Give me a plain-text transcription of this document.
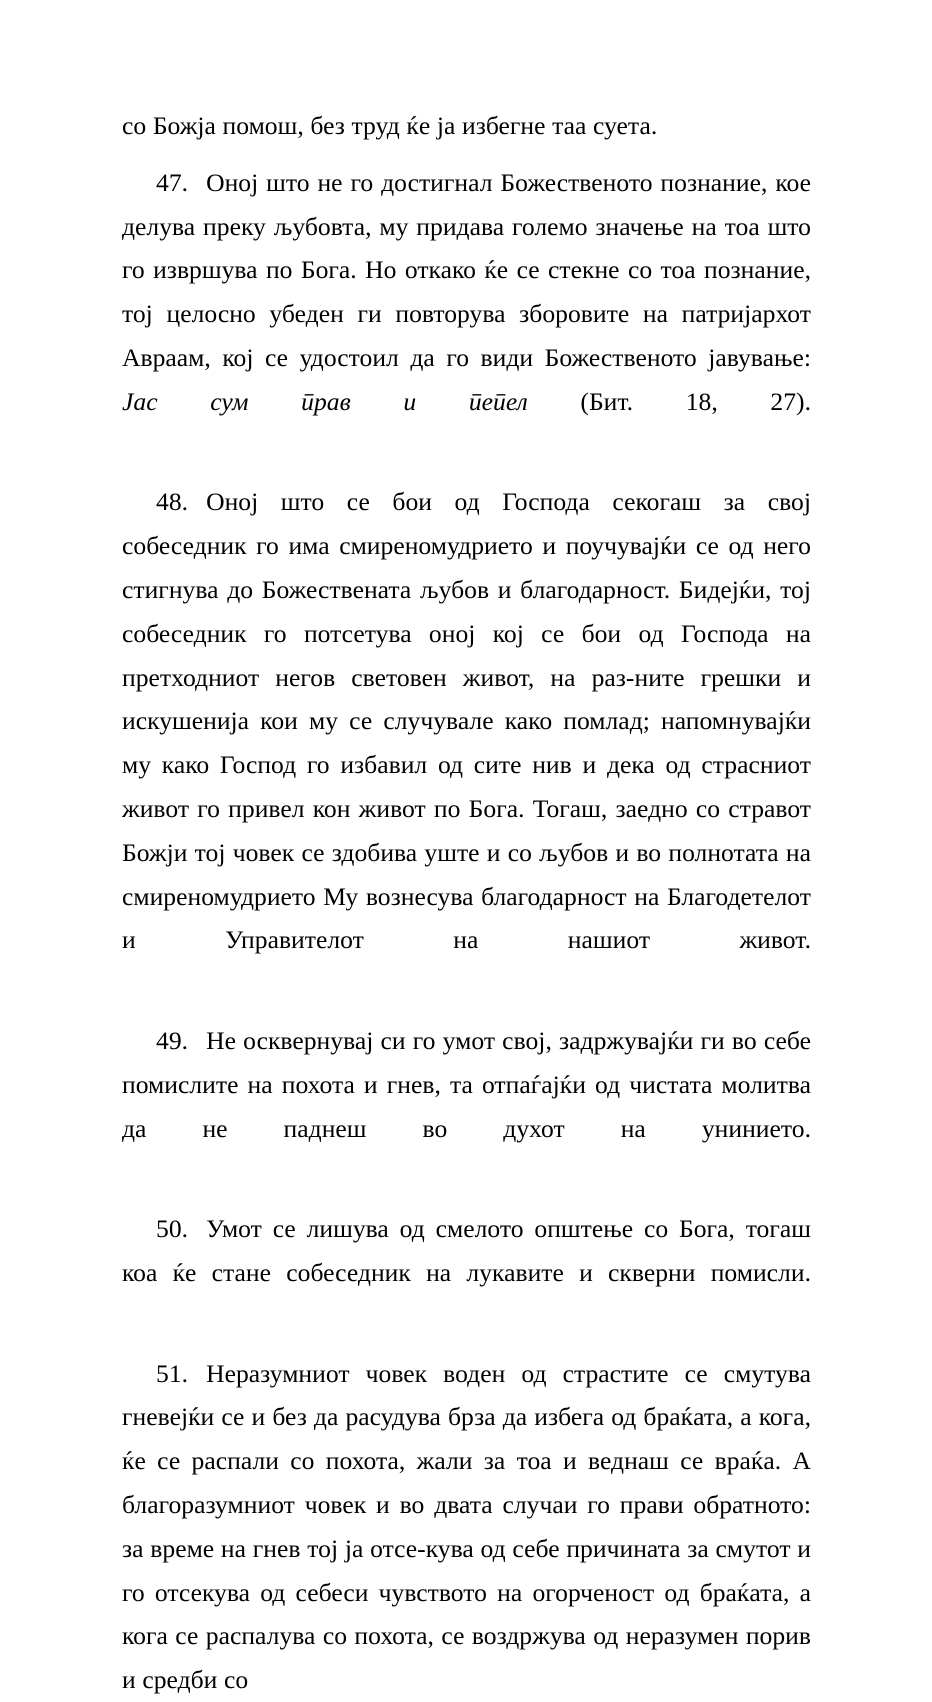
со Божја помош, без труд ќе ја избегне таа суета.

47. Оној што не го достигнал Божественото познание, кое делува преку љубовта, му придава големо значење на тоа што го извршува по Бога. Но откако ќе се стекне со тоа познание, тој целосно убеден ги повторува зборовите на патријархот Авраам, кој се удостоил да го види Божественото јавување: Јас сум прав и пепел (Бит. 18, 27).

48. Оној што се бои од Господа секогаш за свој собеседник го има смиреномудрието и поучувајќи се од него стигнува до Божествената љубов и благодарност. Бидејќи, тој собеседник го потсетува оној кој се бои од Господа на претходниот негов световен живот, на раз-ните грешки и искушенија кои му се случувале како помлад; напомнувајќи му како Господ го избавил од сите нив и дека од страсниот живот го привел кон живот по Бога. Тогаш, заедно со стравот Божји тој човек се здобива уште и со љубов и во полнотата на смиреномудрието Му вознесува благодарност на Благодетелот и Управителот на нашиот живот.

49. Не осквернувај си го умот свој, задржувајќи ги во себе помислите на похота и гнев, та отпаѓајќи од чистата молитва да не паднеш во духот на унинието.

50. Умот се лишува од смелото општење со Бога, тогаш коа ќе стане собеседник на лукавите и скверни помисли.

51. Неразумниот човек воден од страстите се смутува гневејќи се и без да расудува брза да избега од браќата, а кога, ќе се распали со похота, жали за тоа и веднаш се враќа. А благоразумниот човек и во двата случаи го прави обратното: за време на гнев тој ја отсе-кува од себе причината за смутот и го отсекува од себеси чувството на огорченост од браќата, а кога се распалува со похота, се воздржува од неразумен порив и средби со
